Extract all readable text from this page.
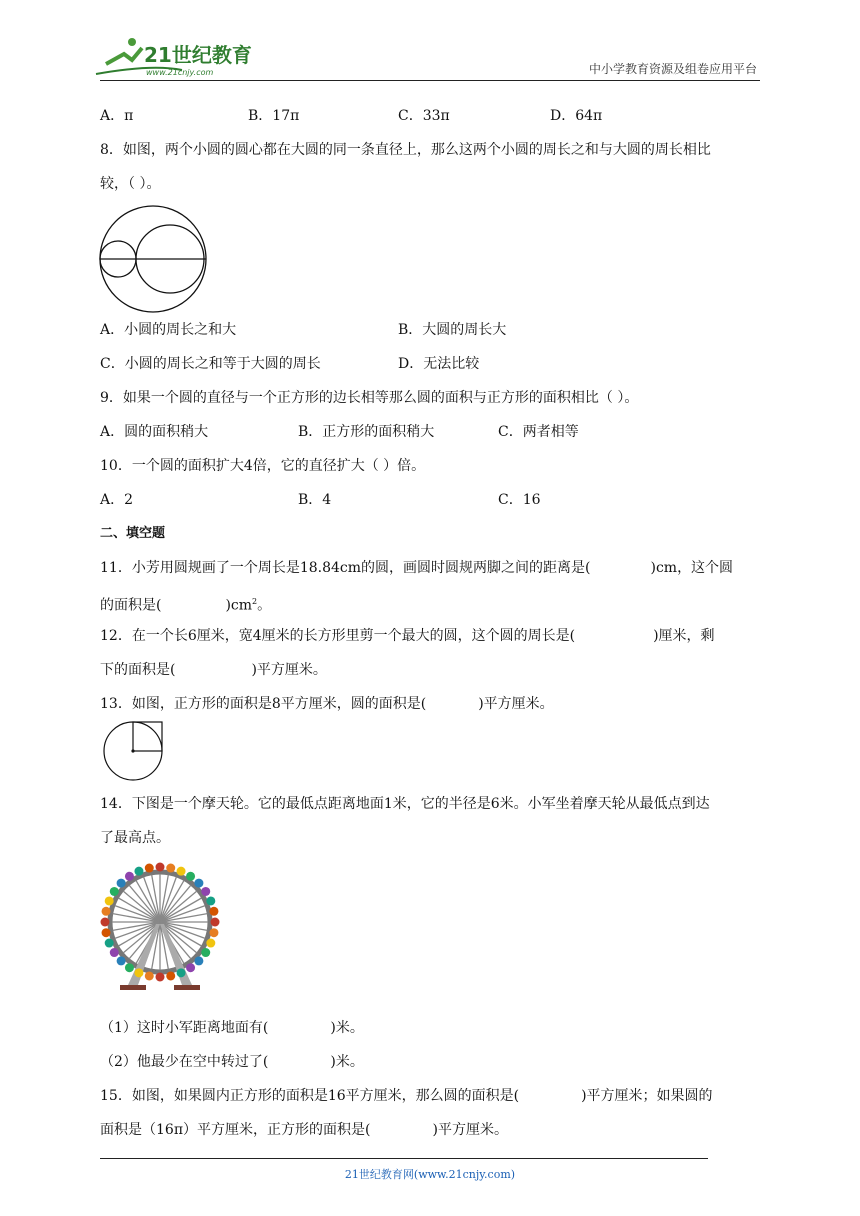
21世纪教育
www.21cnjy.com	中小学教育资源及组卷应用平台
A．π	B．17π	C．33π	D．64π
8．如图，两个小圆的圆心都在大圆的同一条直径上，那么这两个小圆的周长之和与大圆的周长相比
较，（ ）。
A．小圆的周长之和大	B．大圆的周长大
C．小圆的周长之和等于大圆的周长	D．无法比较
9．如果一个圆的直径与一个正方形的边长相等那么圆的面积与正方形的面积相比（ ）。
A．圆的面积稍大	B．正方形的面积稍大	C．两者相等
10．一个圆的面积扩大4倍，它的直径扩大（ ）倍。
A．2	B．4	C．16
二、填空题
11．小芳用圆规画了一个周长是18.84cm的圆，画圆时圆规两脚之间的距离是(	)cm，这个圆
的面积是(	)$cm^2$。
12．在一个长6厘米，宽4厘米的长方形里剪一个最大的圆，这个圆的周长是(	)厘米，剩
下的面积是(	)平方厘米。
13．如图，正方形的面积是8平方厘米，圆的面积是(	)平方厘米。
14．下图是一个摩天轮。它的最低点距离地面1米，它的半径是6米。小军坐着摩天轮从最低点到达
了最高点。
（1）这时小军距离地面有(	)米。
（2）他最少在空中转过了(	)米。
15．如图，如果圆内正方形的面积是16平方厘米，那么圆的面积是(	)平方厘米；如果圆的
面积是（16π）平方厘米，正方形的面积是(	)平方厘米。
21世纪教育网(www.21cnjy.com)
